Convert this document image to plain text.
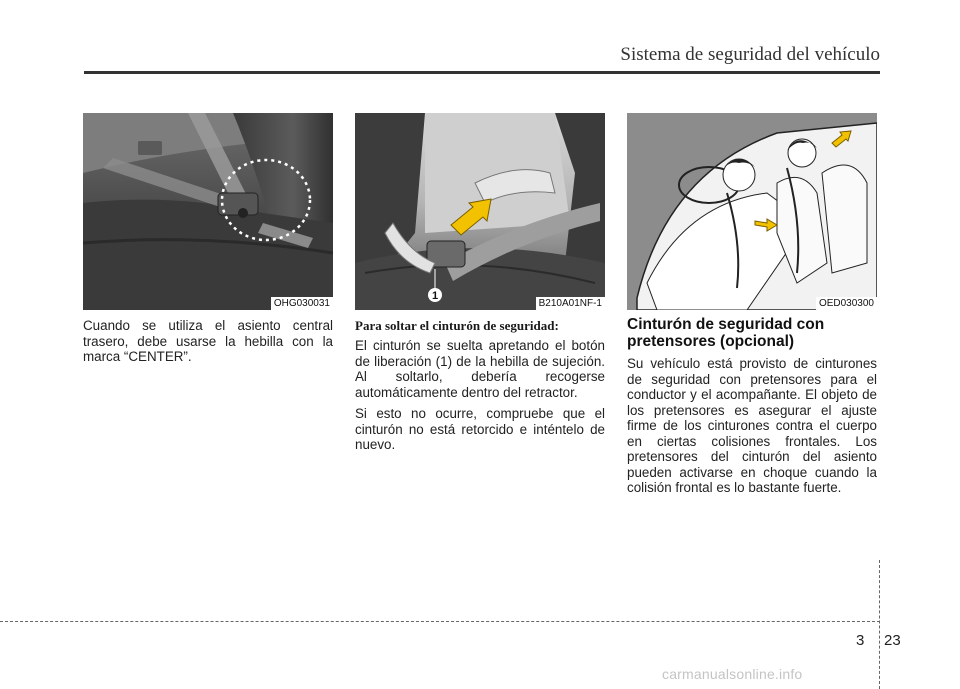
Sistema de seguridad del vehículo
OHG030031
1
B210A01NF-1	OED030300

Cuando se utiliza el asiento central trasero, debe usarse la hebilla con la marca “CENTER”.

Para soltar el cinturón de seguridad:

El cinturón se suelta apretando el botón de liberación (1) de la hebilla de sujeción. Al soltarlo, debería recogerse automáticamente dentro del retractor.

Si esto no ocurre, compruebe que el cinturón no está retorcido e inténtelo de nuevo.

Cinturón de seguridad con pretensores (opcional)

Su vehículo está provisto de cinturones de seguridad con pretensores para el conductor y el acompañante. El objeto de los pretensores es asegurar el ajuste firme de los cinturones contra el cuerpo en ciertas colisiones frontales. Los pretensores del cinturón del asiento pueden activarse en choque cuando la colisión frontal es lo bastante fuerte.

3 23
carmanualsonline.info
